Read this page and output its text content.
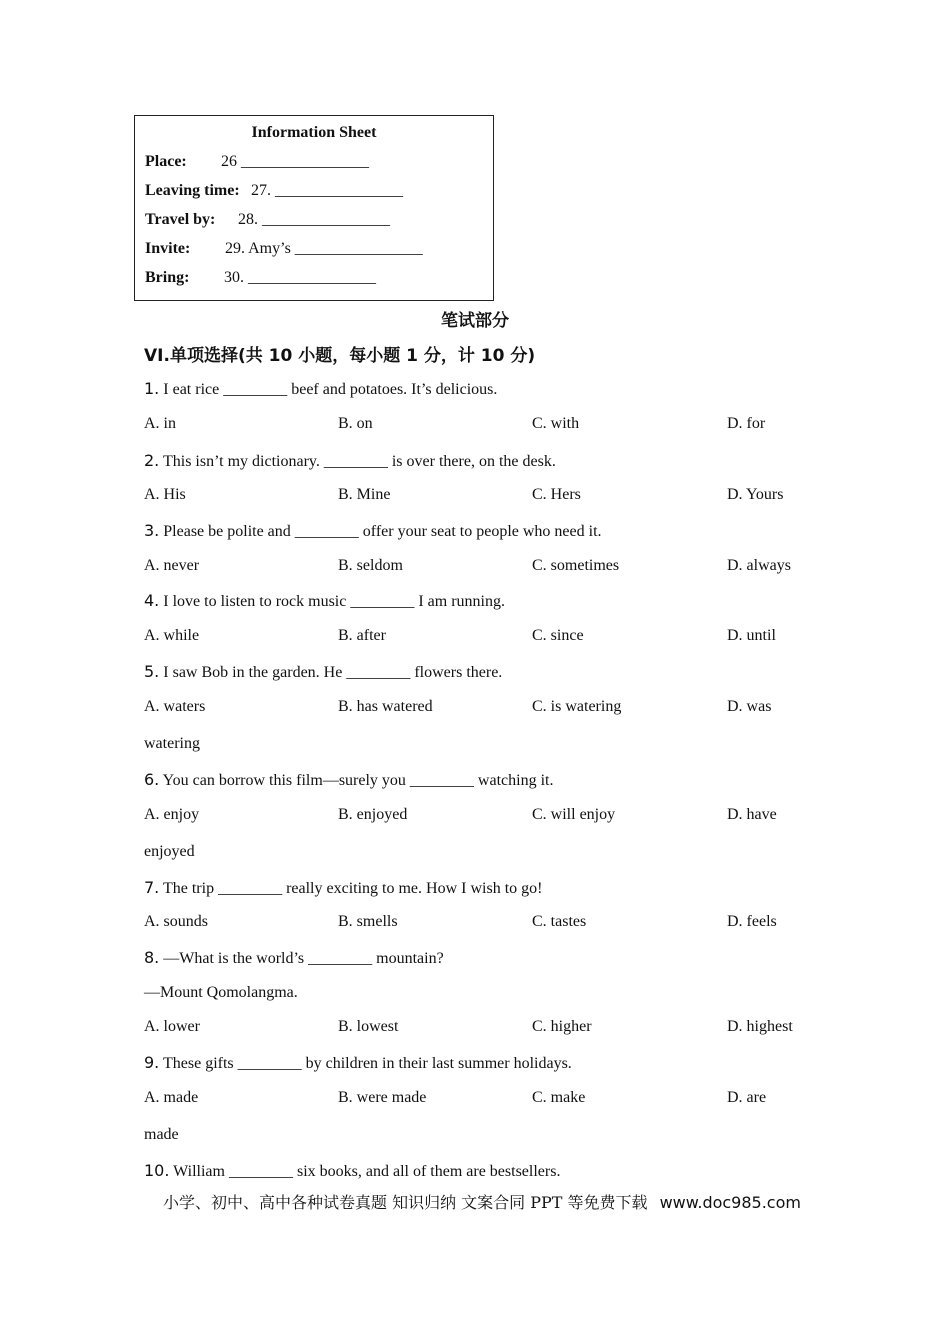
Information Sheet
Place: 26 ________________
Leaving time: 27. ________________
Travel by: 28. ________________
Invite: 29. Amy’s ________________
Bring: 30. ________________
笔试部分
VI.单项选择(共 10 小题，每小题 1 分，计 10 分)
1. I eat rice ________ beef and potatoes. It’s delicious.
A. in	B. on	C. with	D. for
2. This isn’t my dictionary. ________ is over there, on the desk.
A. His	B. Mine	C. Hers	D. Yours
3. Please be polite and ________ offer your seat to people who need it.
A. never	B. seldom	C. sometimes	D. always
4. I love to listen to rock music ________ I am running.
A. while	B. after	C. since	D. until
5. I saw Bob in the garden. He ________ flowers there.
A. waters	B. has watered	C. is watering	D. was
watering
6. You can borrow this film—surely you ________ watching it.
A. enjoy	B. enjoyed	C. will enjoy	D. have
enjoyed
7. The trip ________ really exciting to me. How I wish to go!
A. sounds	B. smells	C. tastes	D. feels
8. —What is the world’s ________ mountain?
—Mount Qomolangma.
A. lower	B. lowest	C. higher	D. highest
9. These gifts ________ by children in their last summer holidays.
A. made	B. were made	C. make	D. are
made
10. William ________ six books, and all of them are bestsellers.
小学、初中、高中各种试卷真题 知识归纳 文案合同 PPT 等免费下载 www.doc985.com
